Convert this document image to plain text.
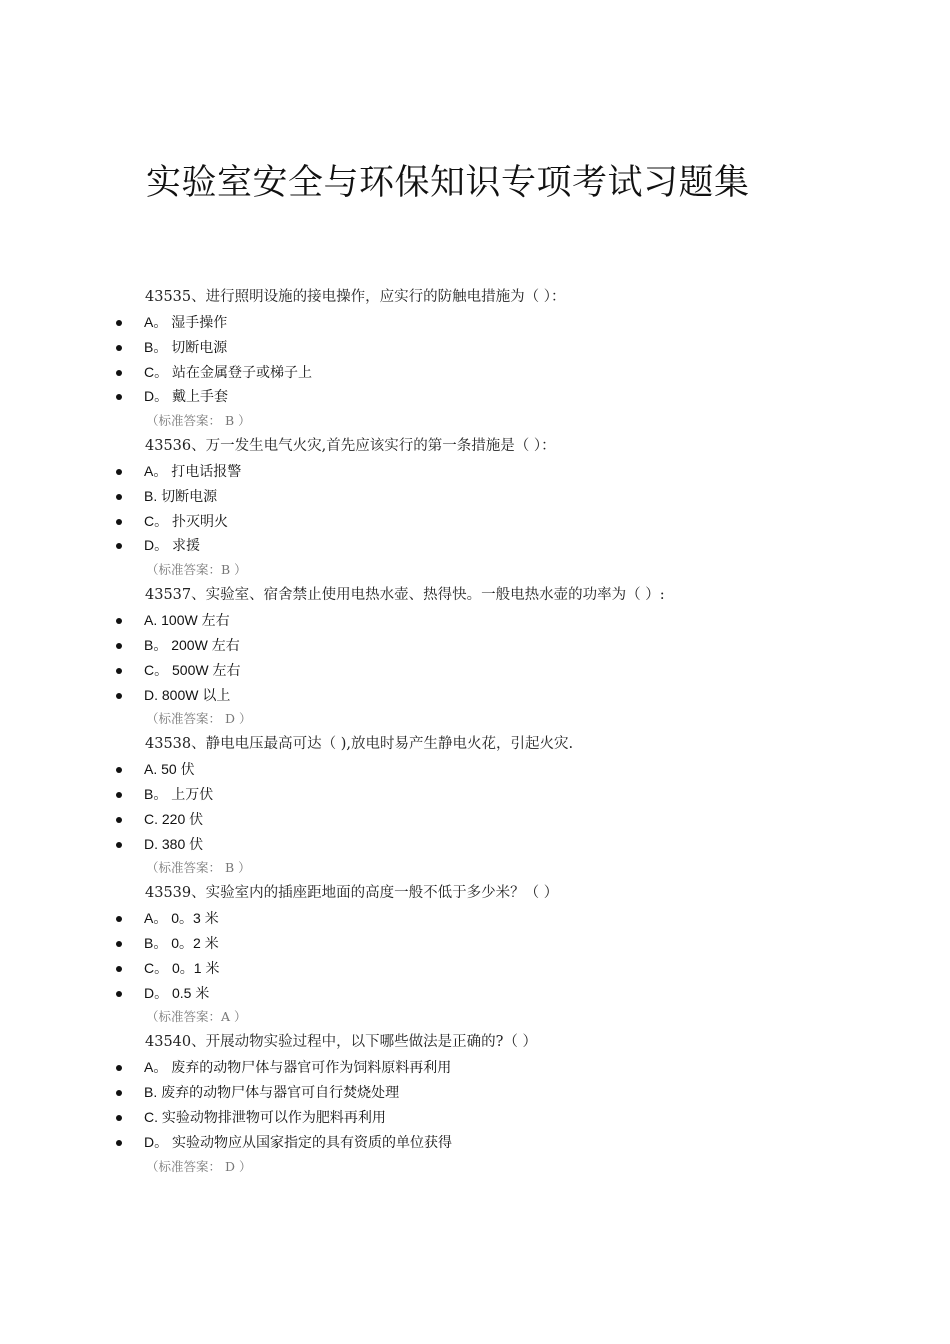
实验室安全与环保知识专项考试习题集
43535、进行照明设施的接电操作，应实行的防触电措施为（ ）：
A。 湿手操作
B。 切断电源
C。 站在金属登子或梯子上
D。 戴上手套
（标准答案： B ）
43536、万一发生电气火灾,首先应该实行的第一条措施是（ ）：
A。 打电话报警
B. 切断电源
C。 扑灭明火
D。 求援
（标准答案：B ）
43537、实验室、宿舍禁止使用电热水壶、热得快。一般电热水壶的功率为（ ）:
A. 100W 左右
B。 200W 左右
C。 500W 左右
D. 800W 以上
（标准答案： D ）
43538、静电电压最高可达（ ),放电时易产生静电火花，引起火灾.
A. 50 伏
B。 上万伏
C. 220 伏
D. 380 伏
（标准答案： B ）
43539、实验室内的插座距地面的高度一般不低于多少米？（ ）
A。 0。3 米
B。 0。2 米
C。 0。1 米
D。 0.5 米
（标准答案：A ）
43540、开展动物实验过程中，以下哪些做法是正确的?（ ）
A。 废弃的动物尸体与器官可作为饲料原料再利用
B. 废弃的动物尸体与器官可自行焚烧处理
C. 实验动物排泄物可以作为肥料再利用
D。 实验动物应从国家指定的具有资质的单位获得
（标准答案： D ）
